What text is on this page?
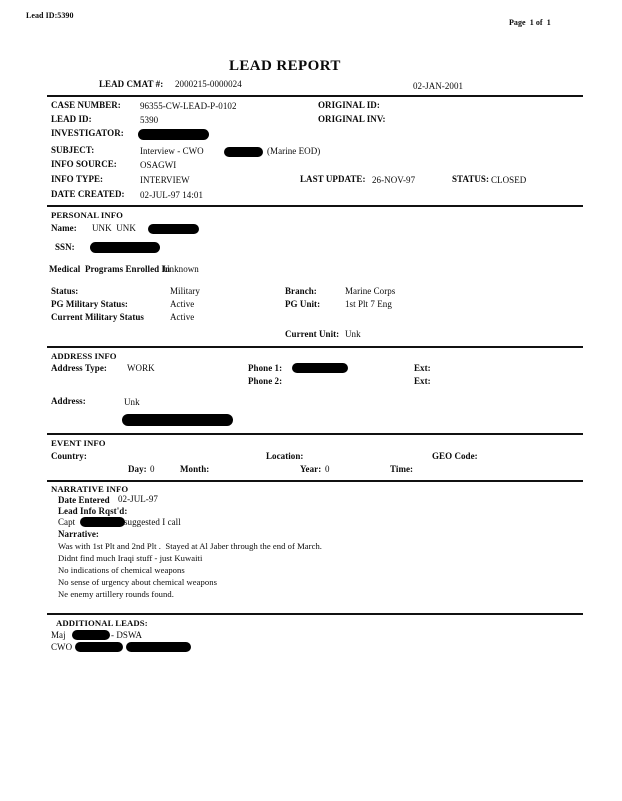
Lead ID:5390
Page  1 of  1
LEAD REPORT
LEAD CMAT #: 2000215-0000024	02-JAN-2001
CASE NUMBER: 96355-CW-LEAD-P-0102	ORIGINAL ID:
LEAD ID:	5390	ORIGINAL INV:
INVESTIGATOR:
SUBJECT:	Interview - CWO	(Marine EOD)
INFO SOURCE:	OSAGWI
INFO TYPE:	INTERVIEW	LAST UPDATE: 26-NOV-97	STATUS: CLOSED
DATE CREATED: 02-JUL-97 14:01
PERSONAL INFO
Name: UNK  UNK
SSN:
Medical  Programs Enrolled In
Unknown
Status:	Military	Branch:	Marine Corps
PG Military Status:	Active	PG Unit:	1st Plt 7 Eng
Current Military Status	Active
Current Unit: Unk
ADDRESS INFO
Address Type: WORK	Phone 1:	Ext:
Phone 2:	Ext:
Address:	Unk
EVENT INFO
Country:	Location:	GEO Code:
Day: 0	Month:	Year: 0	Time:
NARRATIVE INFO
Date Entered 02-JUL-97
Lead Info Rqst'd:
Capt	suggested I call
Narrative:
Was with 1st Plt and 2nd Plt .  Stayed at Al Jaber through the end of March.
Didnt find much Iraqi stuff - just Kuwaiti
No indications of chemical weapons
No sense of urgency about chemical weapons
Ne enemy artillery rounds found.
ADDITIONAL LEADS:
Maj	- DSWA
CWO
